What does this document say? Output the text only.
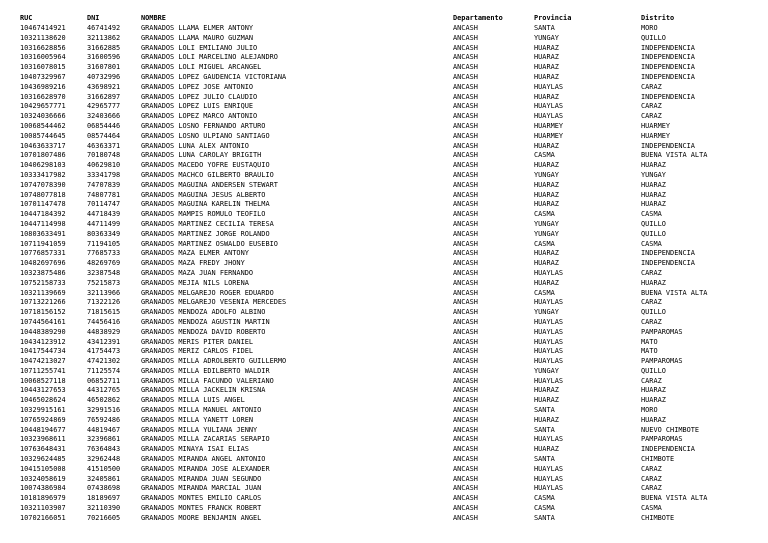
RUC	DNI	NOMBRE	Departamento	Provincia	Distrito
10467414921	46741492	GRANADOS LLAMA ELMER ANTONY	ANCASH	SANTA	MORO
10321138620	32113862	GRANADOS LLAMA MAURO GUZMAN	ANCASH	YUNGAY	QUILLO
10316628856	31662885	GRANADOS LOLI EMILIANO JULIO	ANCASH	HUARAZ	INDEPENDENCIA
10316005964	31600596	GRANADOS LOLI MARCELINO ALEJANDRO	ANCASH	HUARAZ	INDEPENDENCIA
10316078015	31607801	GRANADOS LOLI MIGUEL ARCANGEL	ANCASH	HUARAZ	INDEPENDENCIA
10407329967	40732996	GRANADOS LOPEZ GAUDENCIA VICTORIANA	ANCASH	HUARAZ	INDEPENDENCIA
10436989216	43698921	GRANADOS LOPEZ JOSE ANTONIO	ANCASH	HUAYLAS	CARAZ
10316628970	31662897	GRANADOS LOPEZ JULIO CLAUDIO	ANCASH	HUARAZ	INDEPENDENCIA
10429657771	42965777	GRANADOS LOPEZ LUIS ENRIQUE	ANCASH	HUAYLAS	CARAZ
10324036666	32403666	GRANADOS LOPEZ MARCO ANTONIO	ANCASH	HUAYLAS	CARAZ
10068544462	06854446	GRANADOS LOSNO FERNANDO ARTURO	ANCASH	HUARMEY	HUARMEY
10085744645	08574464	GRANADOS LOSNO ULPIANO SANTIAGO	ANCASH	HUARMEY	HUARMEY
10463633717	46363371	GRANADOS LUNA ALEX ANTONIO	ANCASH	HUARAZ	INDEPENDENCIA
10701807486	70180748	GRANADOS LUNA CAROLAY BRIGITH	ANCASH	CASMA	BUENA VISTA ALTA
10406298103	40629810	GRANADOS MACEDO YOFRE EUSTAQUIO	ANCASH	HUARAZ	HUARAZ
10333417982	33341798	GRANADOS MACHCO GILBERTO BRAULIO	ANCASH	YUNGAY	YUNGAY
10747078390	74707839	GRANADOS MAGUIÑA ANDERSEN STEWART	ANCASH	HUARAZ	HUARAZ
10748077818	74807781	GRANADOS MAGUIÑA JESUS ALBERTO	ANCASH	HUARAZ	HUARAZ
10701147478	70114747	GRANADOS MAGUIÑA KARELIN THELMA	ANCASH	HUARAZ	HUARAZ
10447184392	44718439	GRANADOS MAMPIS ROMULO TEOFILO	ANCASH	CASMA	CASMA
10447114998	44711499	GRANADOS MARTINEZ CECILIA TERESA	ANCASH	YUNGAY	QUILLO
10803633491	80363349	GRANADOS MARTINEZ JORGE ROLANDO	ANCASH	YUNGAY	QUILLO
10711941059	71194105	GRANADOS MARTINEZ OSWALDO EUSEBIO	ANCASH	CASMA	CASMA
10776857331	77685733	GRANADOS MAZA ELMER ANTONY	ANCASH	HUARAZ	INDEPENDENCIA
10482697696	48269769	GRANADOS MAZA FREDY JHONY	ANCASH	HUARAZ	INDEPENDENCIA
10323875486	32387548	GRANADOS MAZA JUAN FERNANDO	ANCASH	HUAYLAS	CARAZ
10752158733	75215873	GRANADOS MEJIA NILS LORENA	ANCASH	HUARAZ	HUARAZ
10321139669	32113966	GRANADOS MELGAREJO ROGER EDUARDO	ANCASH	CASMA	BUENA VISTA ALTA
10713221266	71322126	GRANADOS MELGAREJO VESENIA MERCEDES	ANCASH	HUAYLAS	CARAZ
10718156152	71815615	GRANADOS MENDOZA ADOLFO ALBINO	ANCASH	YUNGAY	QUILLO
10744564161	74456416	GRANADOS MENDOZA AGUSTIN MARTIN	ANCASH	HUAYLAS	CARAZ
10448389290	44838929	GRANADOS MENDOZA DAVID ROBERTO	ANCASH	HUAYLAS	PAMPAROMAS
10434123912	43412391	GRANADOS MERIS PITER DANIEL	ANCASH	HUAYLAS	MATO
10417544734	41754473	GRANADOS MERIZ CARLOS FIDEL	ANCASH	HUAYLAS	MATO
10474213027	47421302	GRANADOS MILLA ADROLBERTO GUILLERMO	ANCASH	HUAYLAS	PAMPAROMAS
10711255741	71125574	GRANADOS MILLA EDILBERTO WALDIR	ANCASH	YUNGAY	QUILLO
10068527118	06852711	GRANADOS MILLA FACUNDO VALERIANO	ANCASH	HUAYLAS	CARAZ
10443127653	44312765	GRANADOS MILLA JACKELIN KRISNA	ANCASH	HUARAZ	HUARAZ
10465028624	46502862	GRANADOS MILLA LUIS ANGEL	ANCASH	HUARAZ	HUARAZ
10329915161	32991516	GRANADOS MILLA MANUEL ANTONIO	ANCASH	SANTA	MORO
10765924869	76592486	GRANADOS MILLA YANETT LOREN	ANCASH	HUARAZ	HUARAZ
10448194677	44819467	GRANADOS MILLA YULIANA JENNY	ANCASH	SANTA	NUEVO CHIMBOTE
10323968611	32396861	GRANADOS MILLA ZACARIAS SERAPIO	ANCASH	HUAYLAS	PAMPAROMAS
10763648431	76364843	GRANADOS MINAYA ISAI ELIAS	ANCASH	HUARAZ	INDEPENDENCIA
10329624485	32962448	GRANADOS MIRANDA ANGEL ANTONIO	ANCASH	SANTA	CHIMBOTE
10415105008	41510500	GRANADOS MIRANDA JOSE ALEXANDER	ANCASH	HUAYLAS	CARAZ
10324058619	32405861	GRANADOS MIRANDA JUAN SEGUNDO	ANCASH	HUAYLAS	CARAZ
10074386984	07438698	GRANADOS MIRANDA MARCIAL JUAN	ANCASH	HUAYLAS	CARAZ
10181896979	18189697	GRANADOS MONTES EMILIO CARLOS	ANCASH	CASMA	BUENA VISTA ALTA
10321103907	32110390	GRANADOS MONTES FRANCK ROBERT	ANCASH	CASMA	CASMA
10702166051	70216605	GRANADOS MOORE BENJAMIN ANGEL	ANCASH	SANTA	CHIMBOTE
